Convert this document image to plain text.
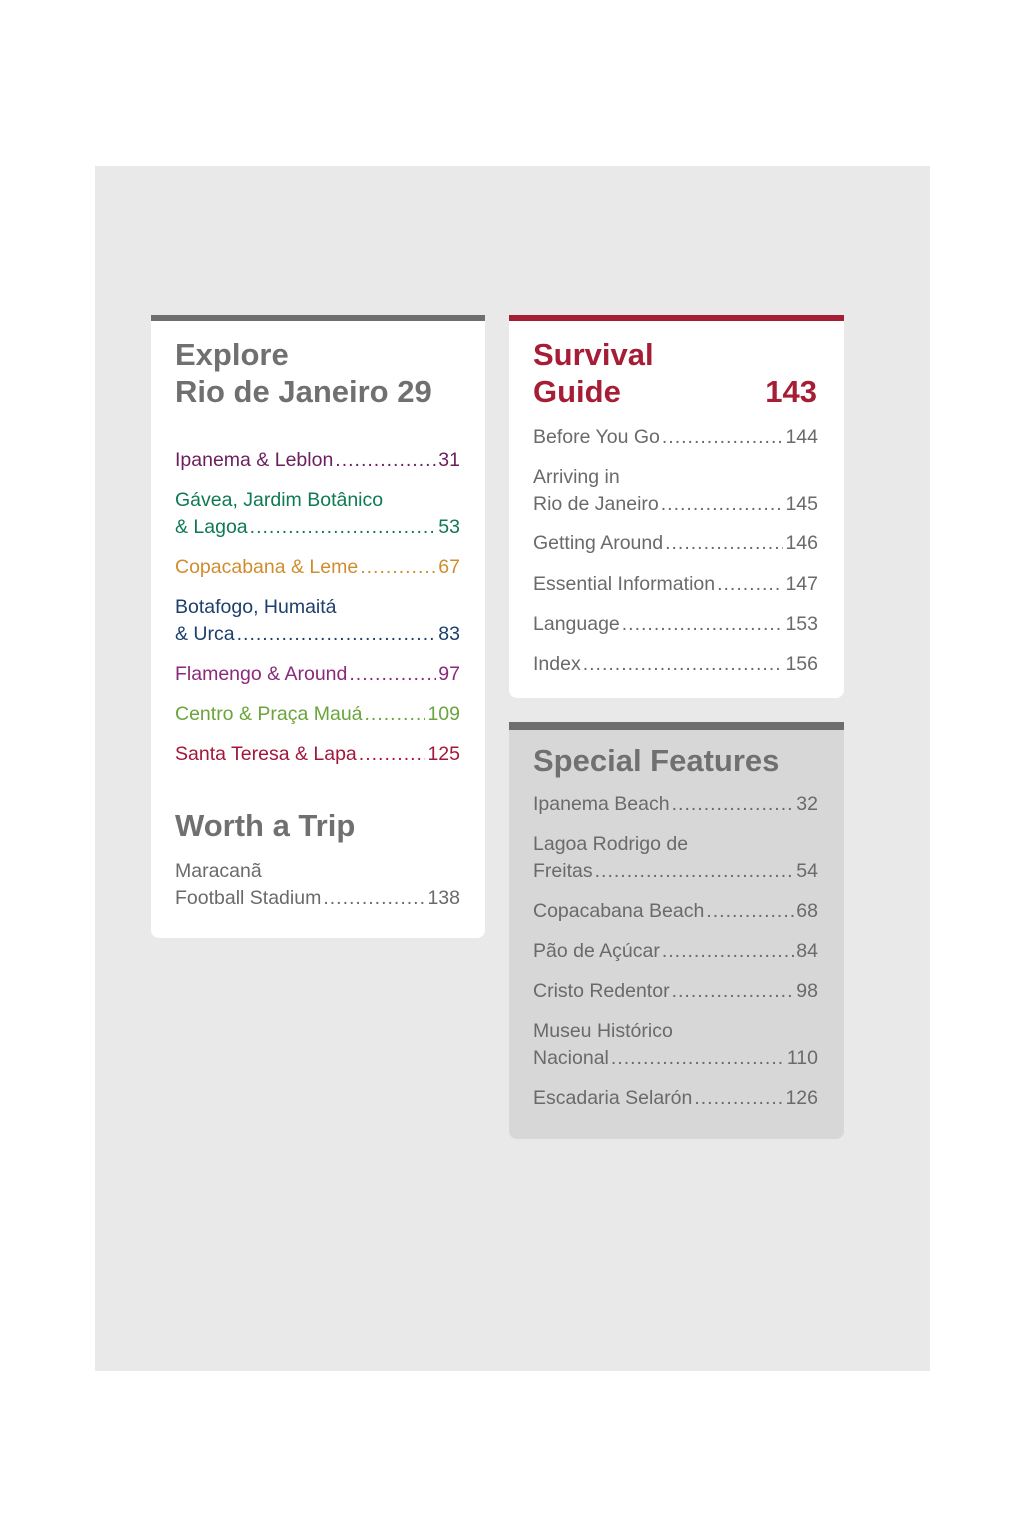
Explore
Rio de Janeiro 29
Ipanema & Leblon .....	31
Gávea, Jardim Botânico
& Lagoa .....	53
Copacabana & Leme .....	67
Botafogo, Humaitá
& Urca .....	83
Flamengo & Around .....	97
Centro & Praça Mauá .....	109
Santa Teresa & Lapa .....	125
Worth a Trip
Maracanã
Football Stadium .....	138
Survival
Guide	143
Before You Go .....	144
Arriving in
Rio de Janeiro .....	145
Getting Around .....	146
Essential Information .....	147
Language .....	153
Index .....	156
Special Features
Ipanema Beach .....	32
Lagoa Rodrigo de
Freitas .....	54
Copacabana Beach .....	68
Pão de Açúcar .....	84
Cristo Redentor .....	98
Museu Histórico
Nacional .....	110
Escadaria Selarón .....	126
